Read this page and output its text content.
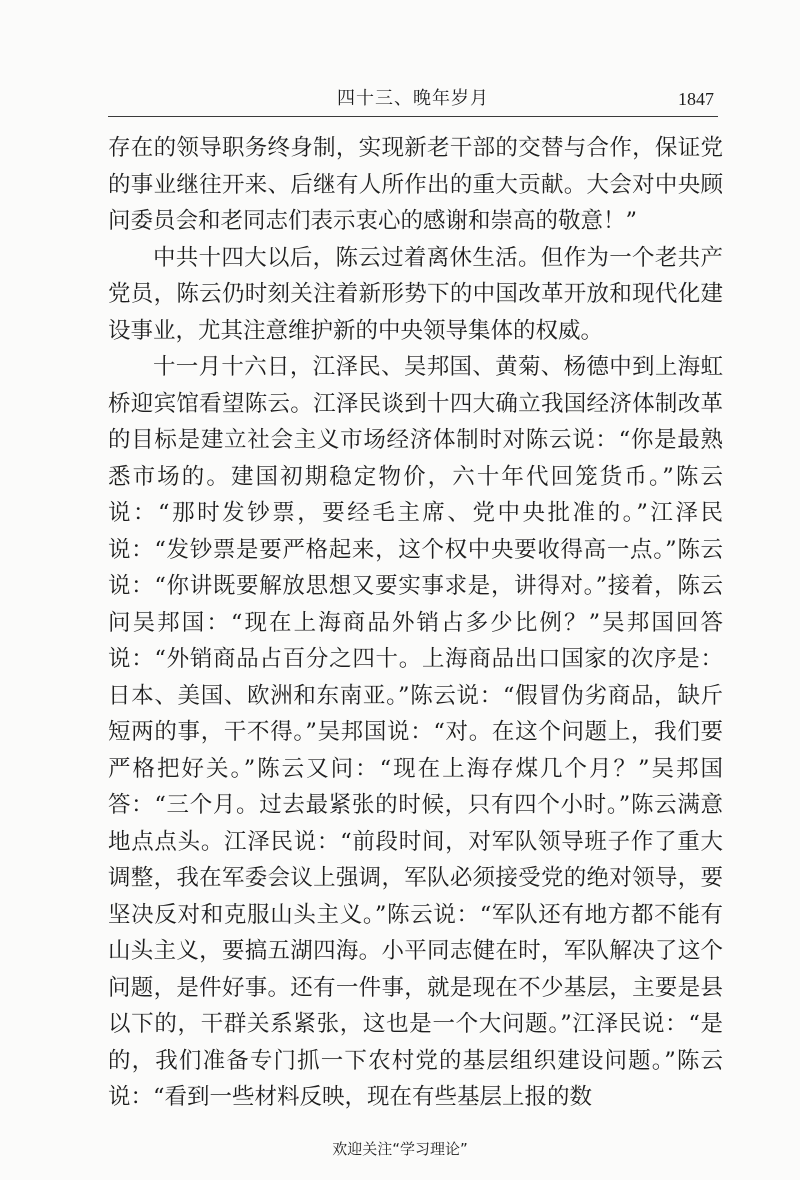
四十三、晚年岁月	1847

存在的领导职务终身制，实现新老干部的交替与合作，保证党的事业继往开来、后继有人所作出的重大贡献。大会对中央顾问委员会和老同志们表示衷心的感谢和崇高的敬意！”

中共十四大以后，陈云过着离休生活。但作为一个老共产党员，陈云仍时刻关注着新形势下的中国改革开放和现代化建设事业，尤其注意维护新的中央领导集体的权威。

十一月十六日，江泽民、吴邦国、黄菊、杨德中到上海虹桥迎宾馆看望陈云。江泽民谈到十四大确立我国经济体制改革的目标是建立社会主义市场经济体制时对陈云说：“你是最熟悉市场的。建国初期稳定物价，六十年代回笼货币。”陈云说：“那时发钞票，要经毛主席、党中央批准的。”江泽民说：“发钞票是要严格起来，这个权中央要收得高一点。”陈云说：“你讲既要解放思想又要实事求是，讲得对。”接着，陈云问吴邦国：“现在上海商品外销占多少比例？”吴邦国回答说：“外销商品占百分之四十。上海商品出口国家的次序是：日本、美国、欧洲和东南亚。”陈云说：“假冒伪劣商品，缺斤短两的事，干不得。”吴邦国说：“对。在这个问题上，我们要严格把好关。”陈云又问：“现在上海存煤几个月？”吴邦国答：“三个月。过去最紧张的时候，只有四个小时。”陈云满意地点点头。江泽民说：“前段时间，对军队领导班子作了重大调整，我在军委会议上强调，军队必须接受党的绝对领导，要坚决反对和克服山头主义。”陈云说：“军队还有地方都不能有山头主义，要搞五湖四海。小平同志健在时，军队解决了这个问题，是件好事。还有一件事，就是现在不少基层，主要是县以下的，干群关系紧张，这也是一个大问题。”江泽民说：“是的，我们准备专门抓一下农村党的基层组织建设问题。”陈云说：“看到一些材料反映，现在有些基层上报的数

欢迎关注“学习理论”
